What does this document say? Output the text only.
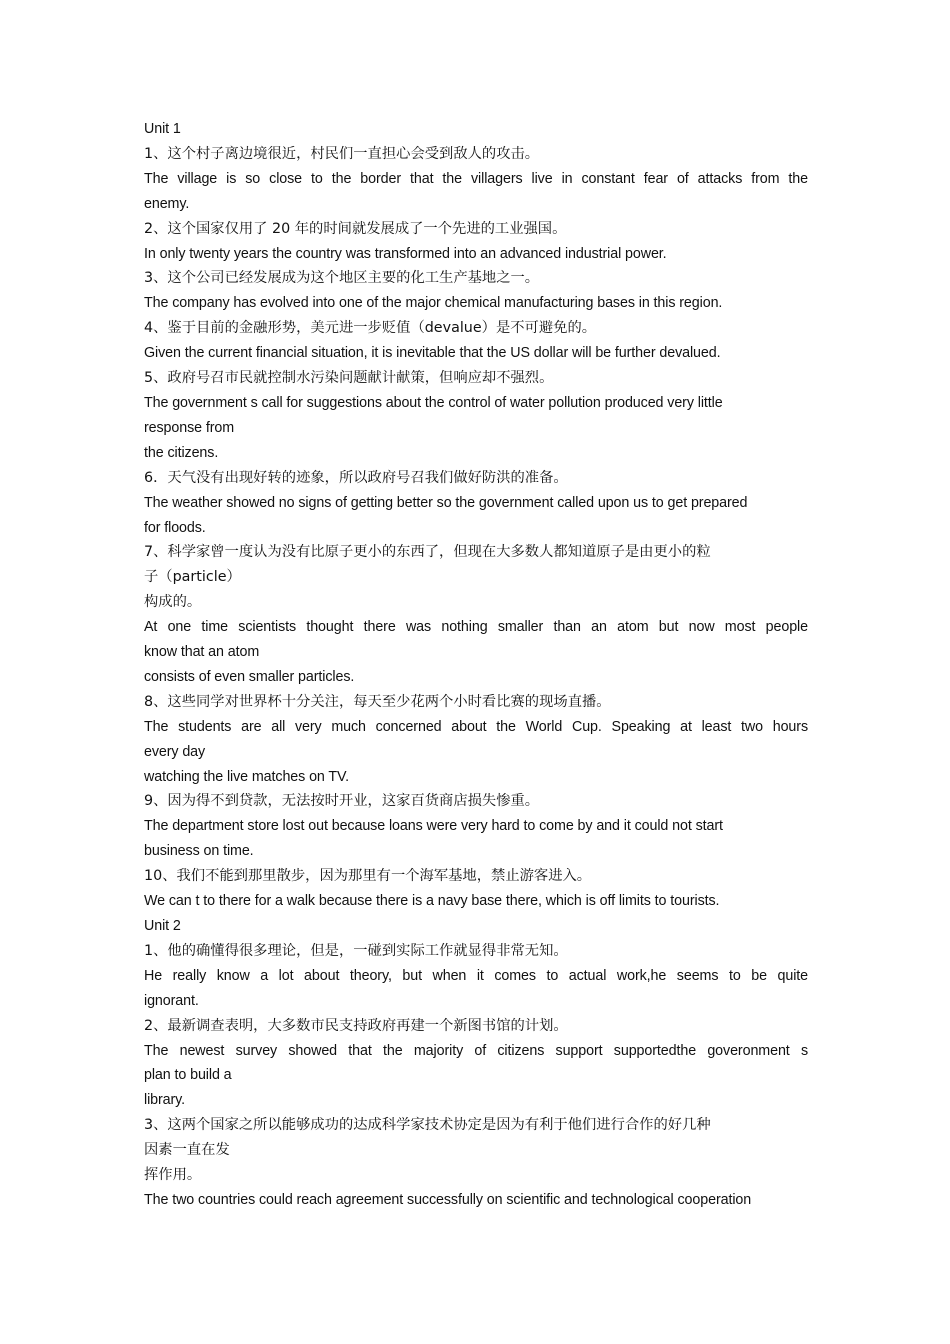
Unit 1
1、这个村子离边境很近，村民们一直担心会受到敌人的攻击。
The village is so close to the border that the villagers live in constant fear of attacks from the
enemy.
2、这个国家仅用了 20 年的时间就发展成了一个先进的工业强国。
In only twenty years the country was transformed into an advanced industrial power.
3、这个公司已经发展成为这个地区主要的化工生产基地之一。
The company has evolved into one of the major chemical manufacturing bases in this region.
4、鉴于目前的金融形势，美元进一步贬值（devalue）是不可避免的。
Given the current financial situation, it is inevitable that the US dollar will be further devalued.
5、政府号召市民就控制水污染问题献计献策，但响应却不强烈。
The government s call for suggestions about the control of water pollution produced very little
response from
the citizens.
6．天气没有出现好转的迹象，所以政府号召我们做好防洪的准备。
The weather showed no signs of getting better so the government called upon us to get prepared
for floods.
7、科学家曾一度认为没有比原子更小的东西了，但现在大多数人都知道原子是由更小的粒
子（particle）
构成的。
At one time scientists thought there was nothing smaller than an atom but now most people
know that an atom
consists of even smaller particles.
8、这些同学对世界杯十分关注，每天至少花两个小时看比赛的现场直播。
The students are all very much concerned about the World Cup. Speaking at least two hours
every day
watching the live matches on TV.
9、因为得不到贷款，无法按时开业，这家百货商店损失惨重。
The department store lost out because loans were very hard to come by and it could not start
business on time.
10、我们不能到那里散步，因为那里有一个海军基地，禁止游客进入。
We can t to there for a walk because there is a navy base there, which is off limits to tourists.
Unit 2
1、他的确懂得很多理论，但是，一碰到实际工作就显得非常无知。
He really know a lot about theory, but when it comes to actual work,he seems to be quite
ignorant.
2、最新调查表明，大多数市民支持政府再建一个新图书馆的计划。
The newest survey showed that the majority of citizens support supportedthe goveronment s
plan to build a
library.
3、这两个国家之所以能够成功的达成科学家技术协定是因为有利于他们进行合作的好几种
因素一直在发
挥作用。
The two countries could reach agreement successfully on scientific and technological cooperation
